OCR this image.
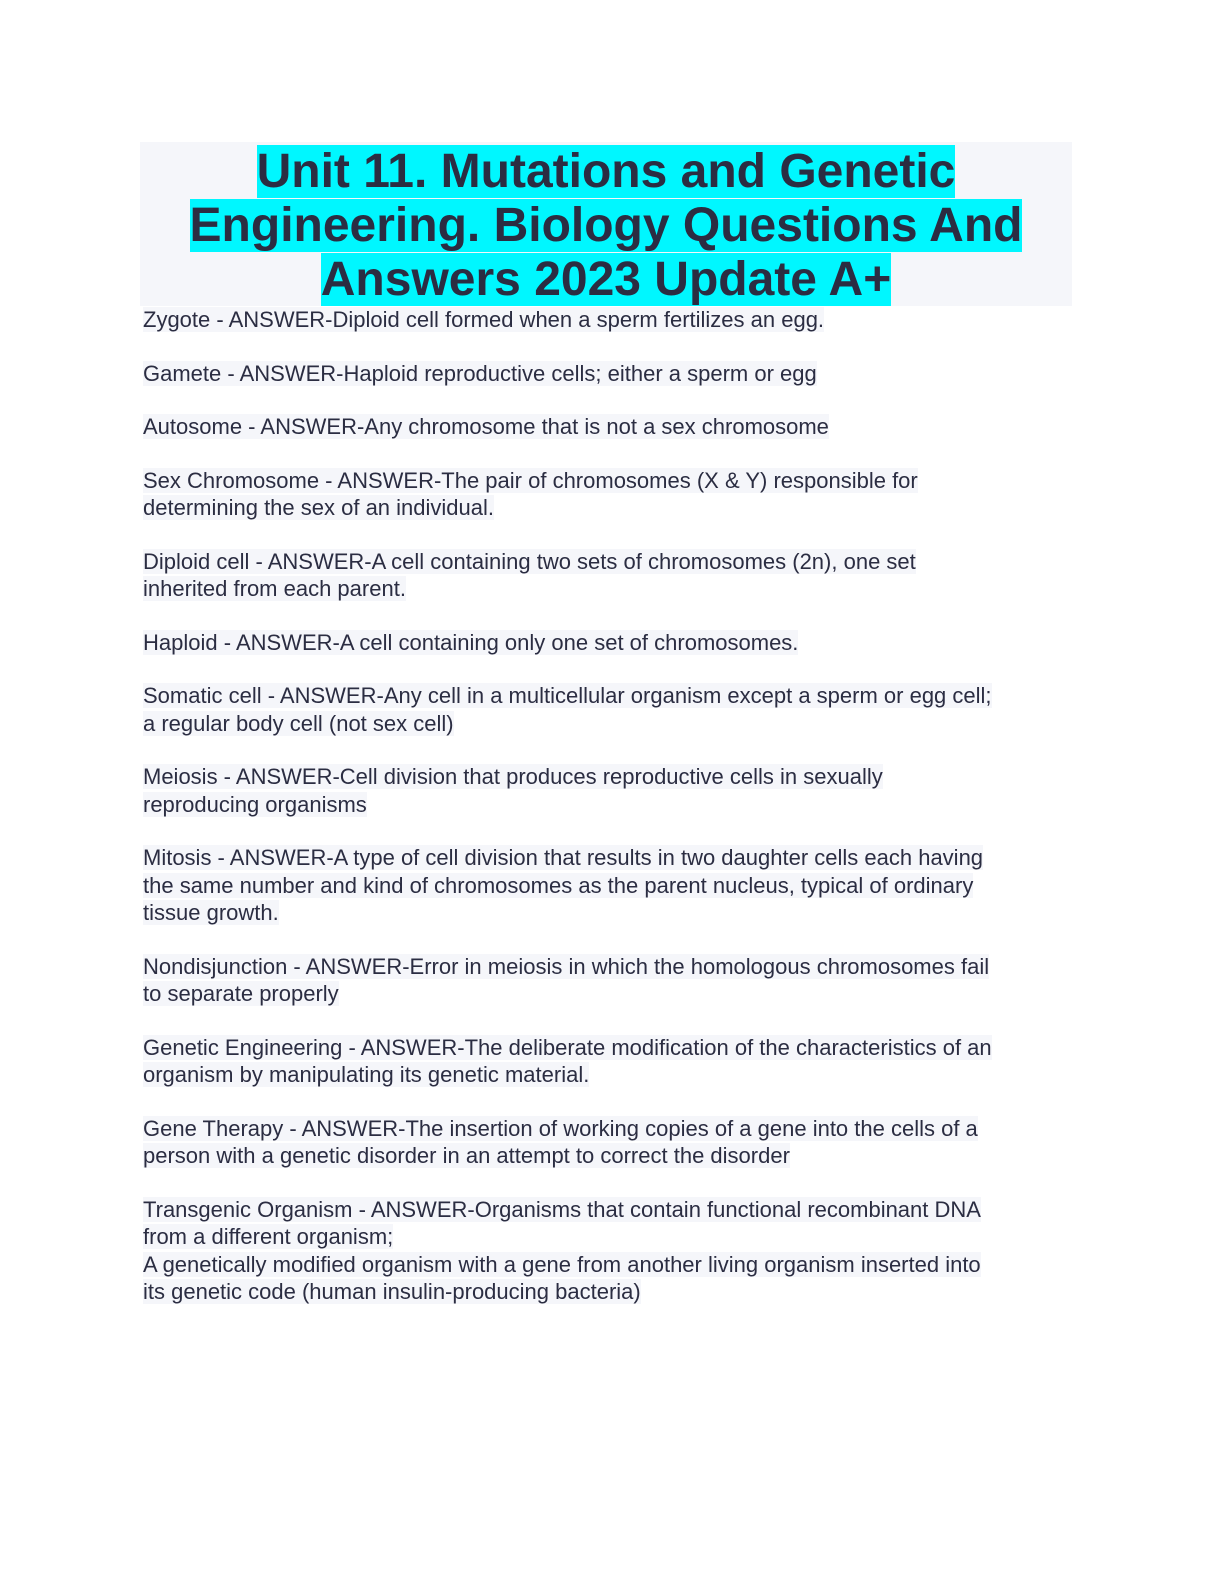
Unit 11. Mutations and Genetic
Engineering. Biology Questions And
Answers 2023 Update A+

Zygote - ANSWER-Diploid cell formed when a sperm fertilizes an egg.

Gamete - ANSWER-Haploid reproductive cells; either a sperm or egg

Autosome - ANSWER-Any chromosome that is not a sex chromosome

Sex Chromosome - ANSWER-The pair of chromosomes (X & Y) responsible for
determining the sex of an individual.

Diploid cell - ANSWER-A cell containing two sets of chromosomes (2n), one set
inherited from each parent.

Haploid - ANSWER-A cell containing only one set of chromosomes.

Somatic cell - ANSWER-Any cell in a multicellular organism except a sperm or egg cell;
a regular body cell (not sex cell)

Meiosis - ANSWER-Cell division that produces reproductive cells in sexually
reproducing organisms

Mitosis - ANSWER-A type of cell division that results in two daughter cells each having
the same number and kind of chromosomes as the parent nucleus, typical of ordinary
tissue growth.

Nondisjunction - ANSWER-Error in meiosis in which the homologous chromosomes fail
to separate properly

Genetic Engineering - ANSWER-The deliberate modification of the characteristics of an
organism by manipulating its genetic material.

Gene Therapy - ANSWER-The insertion of working copies of a gene into the cells of a
person with a genetic disorder in an attempt to correct the disorder

Transgenic Organism - ANSWER-Organisms that contain functional recombinant DNA
from a different organism;
A genetically modified organism with a gene from another living organism inserted into
its genetic code (human insulin-producing bacteria)
